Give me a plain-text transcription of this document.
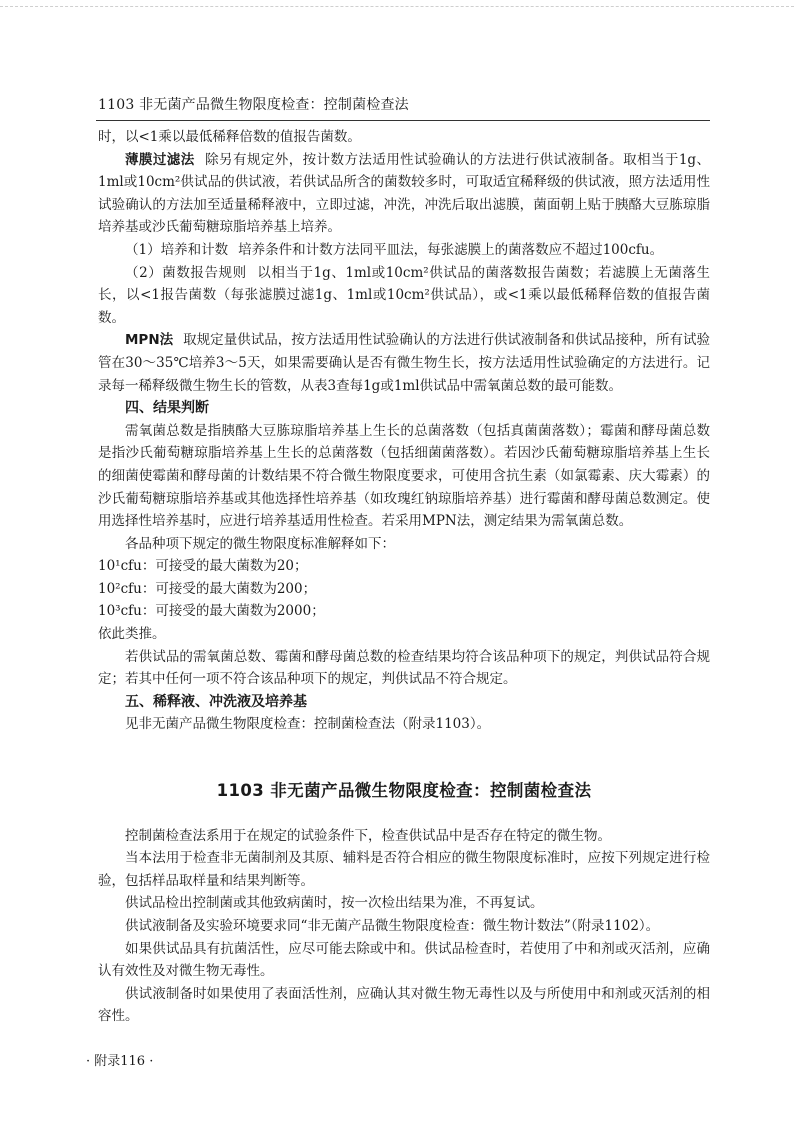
1103 非无菌产品微生物限度检查：控制菌检查法

时，以<1乘以最低稀释倍数的值报告菌数。

薄膜过滤法 除另有规定外，按计数方法适用性试验确认的方法进行供试液制备。取相当于1g、1ml或10cm²供试品的供试液，若供试品所含的菌数较多时，可取适宜稀释级的供试液，照方法适用性试验确认的方法加至适量稀释液中，立即过滤，冲洗，冲洗后取出滤膜，菌面朝上贴于胰酪大豆胨琼脂培养基或沙氏葡萄糖琼脂培养基上培养。

（1）培养和计数 培养条件和计数方法同平皿法，每张滤膜上的菌落数应不超过100cfu。

（2）菌数报告规则 以相当于1g、1ml或10cm²供试品的菌落数报告菌数；若滤膜上无菌落生长，以<1报告菌数（每张滤膜过滤1g、1ml或10cm²供试品），或<1乘以最低稀释倍数的值报告菌数。

MPN法 取规定量供试品，按方法适用性试验确认的方法进行供试液制备和供试品接种，所有试验管在30～35℃培养3～5天，如果需要确认是否有微生物生长，按方法适用性试验确定的方法进行。记录每一稀释级微生物生长的管数，从表3查每1g或1ml供试品中需氧菌总数的最可能数。

四、结果判断

需氧菌总数是指胰酪大豆胨琼脂培养基上生长的总菌落数（包括真菌菌落数）；霉菌和酵母菌总数是指沙氏葡萄糖琼脂培养基上生长的总菌落数（包括细菌菌落数）。若因沙氏葡萄糖琼脂培养基上生长的细菌使霉菌和酵母菌的计数结果不符合微生物限度要求，可使用含抗生素（如氯霉素、庆大霉素）的沙氏葡萄糖琼脂培养基或其他选择性培养基（如玫瑰红钠琼脂培养基）进行霉菌和酵母菌总数测定。使用选择性培养基时，应进行培养基适用性检查。若采用MPN法，测定结果为需氧菌总数。

各品种项下规定的微生物限度标准解释如下：

10¹cfu：可接受的最大菌数为20；

10²cfu：可接受的最大菌数为200；

10³cfu：可接受的最大菌数为2000；

依此类推。

若供试品的需氧菌总数、霉菌和酵母菌总数的检查结果均符合该品种项下的规定，判供试品符合规定；若其中任何一项不符合该品种项下的规定，判供试品不符合规定。

五、稀释液、冲洗液及培养基

见非无菌产品微生物限度检查：控制菌检查法（附录1103）。

1103 非无菌产品微生物限度检查：控制菌检查法

控制菌检查法系用于在规定的试验条件下，检查供试品中是否存在特定的微生物。

当本法用于检查非无菌制剂及其原、辅料是否符合相应的微生物限度标准时，应按下列规定进行检验，包括样品取样量和结果判断等。

供试品检出控制菌或其他致病菌时，按一次检出结果为准，不再复试。

供试液制备及实验环境要求同“非无菌产品微生物限度检查：微生物计数法”（附录1102）。

如果供试品具有抗菌活性，应尽可能去除或中和。供试品检查时，若使用了中和剂或灭活剂，应确认有效性及对微生物无毒性。

供试液制备时如果使用了表面活性剂，应确认其对微生物无毒性以及与所使用中和剂或灭活剂的相容性。

· 附录116 ·
